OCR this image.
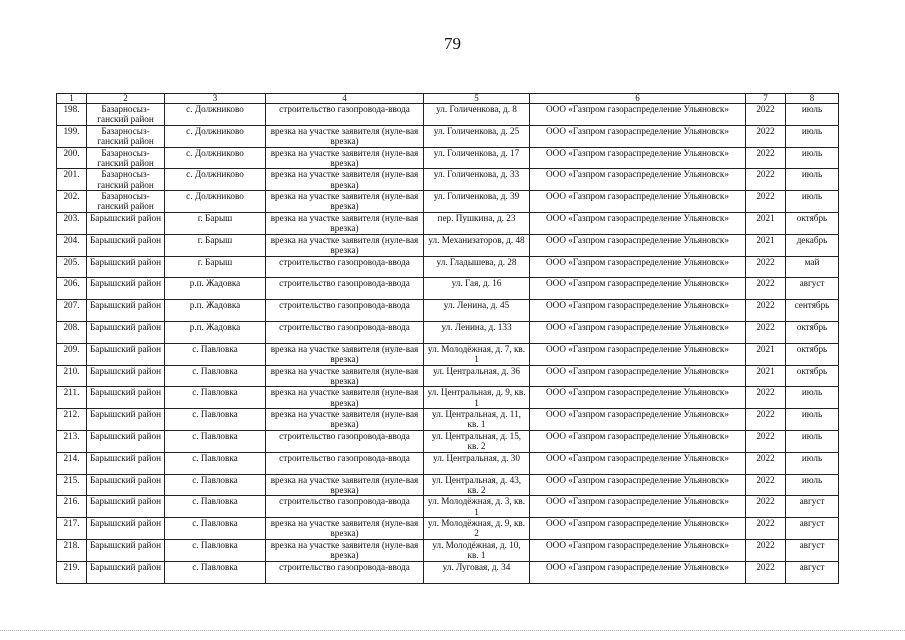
79
1	2	3	4	5	6	7	8
198.	Базарносыз-ганский район	с. Должниково	строительство газопровода-ввода	ул. Голиченкова, д. 8	ООО «Газпром газораспределение Ульяновск»	2022	июль
199.	Базарносыз-ганский район	с. Должниково	врезка на участке заявителя (нуле-вая врезка)	ул. Голиченкова, д. 25	ООО «Газпром газораспределение Ульяновск»	2022	июль
200.	Базарносыз-ганский район	с. Должниково	врезка на участке заявителя (нуле-вая врезка)	ул. Голиченкова, д. 17	ООО «Газпром газораспределение Ульяновск»	2022	июль
201.	Базарносыз-ганский район	с. Должниково	врезка на участке заявителя (нуле-вая врезка)	ул. Голиченкова, д. 33	ООО «Газпром газораспределение Ульяновск»	2022	июль
202.	Базарносыз-ганский район	с. Должниково	врезка на участке заявителя (нуле-вая врезка)	ул. Голиченкова, д. 39	ООО «Газпром газораспределение Ульяновск»	2022	июль
203.	Барышский район	г. Барыш	врезка на участке заявителя (нуле-вая врезка)	пер. Пушкина, д. 23	ООО «Газпром газораспределение Ульяновск»	2021	октябрь
204.	Барышский район	г. Барыш	врезка на участке заявителя (нуле-вая врезка)	ул. Механизаторов, д. 48	ООО «Газпром газораспределение Ульяновск»	2021	декабрь
205.	Барышский район	г. Барыш	строительство газопровода-ввода	ул. Гладышева, д. 28	ООО «Газпром газораспределение Ульяновск»	2022	май
206.	Барышский район	р.п. Жадовка	строительство газопровода-ввода	ул. Гая, д. 16	ООО «Газпром газораспределение Ульяновск»	2022	август
207.	Барышский район	р.п. Жадовка	строительство газопровода-ввода	ул. Ленина, д. 45	ООО «Газпром газораспределение Ульяновск»	2022	сентябрь
208.	Барышский район	р.п. Жадовка	строительство газопровода-ввода	ул. Ленина, д. 133	ООО «Газпром газораспределение Ульяновск»	2022	октябрь
209.	Барышский район	с. Павловка	врезка на участке заявителя (нуле-вая врезка)	ул. Молодёжная, д. 7, кв. 1	ООО «Газпром газораспределение Ульяновск»	2021	октябрь
210.	Барышский район	с. Павловка	врезка на участке заявителя (нуле-вая врезка)	ул. Центральная, д. 36	ООО «Газпром газораспределение Ульяновск»	2021	октябрь
211.	Барышский район	с. Павловка	врезка на участке заявителя (нуле-вая врезка)	ул. Центральная, д. 9, кв. 1	ООО «Газпром газораспределение Ульяновск»	2022	июль
212.	Барышский район	с. Павловка	врезка на участке заявителя (нуле-вая врезка)	ул. Центральная, д. 11, кв. 1	ООО «Газпром газораспределение Ульяновск»	2022	июль
213.	Барышский район	с. Павловка	строительство газопровода-ввода	ул. Центральная, д. 15, кв. 2	ООО «Газпром газораспределение Ульяновск»	2022	июль
214.	Барышский район	с. Павловка	строительство газопровода-ввода	ул. Центральная, д. 30	ООО «Газпром газораспределение Ульяновск»	2022	июль
215.	Барышский район	с. Павловка	врезка на участке заявителя (нуле-вая врезка)	ул. Центральная, д. 43, кв. 2	ООО «Газпром газораспределение Ульяновск»	2022	июль
216.	Барышский район	с. Павловка	строительство газопровода-ввода	ул. Молодёжная, д. 3, кв. 1	ООО «Газпром газораспределение Ульяновск»	2022	август
217.	Барышский район	с. Павловка	врезка на участке заявителя (нуле-вая врезка)	ул. Молодёжная, д. 9, кв. 2	ООО «Газпром газораспределение Ульяновск»	2022	август
218.	Барышский район	с. Павловка	врезка на участке заявителя (нуле-вая врезка)	ул. Молодёжная, д. 10, кв. 1	ООО «Газпром газораспределение Ульяновск»	2022	август
219.	Барышский район	с. Павловка	строительство газопровода-ввода	ул. Луговая, д. 34	ООО «Газпром газораспределение Ульяновск»	2022	август
